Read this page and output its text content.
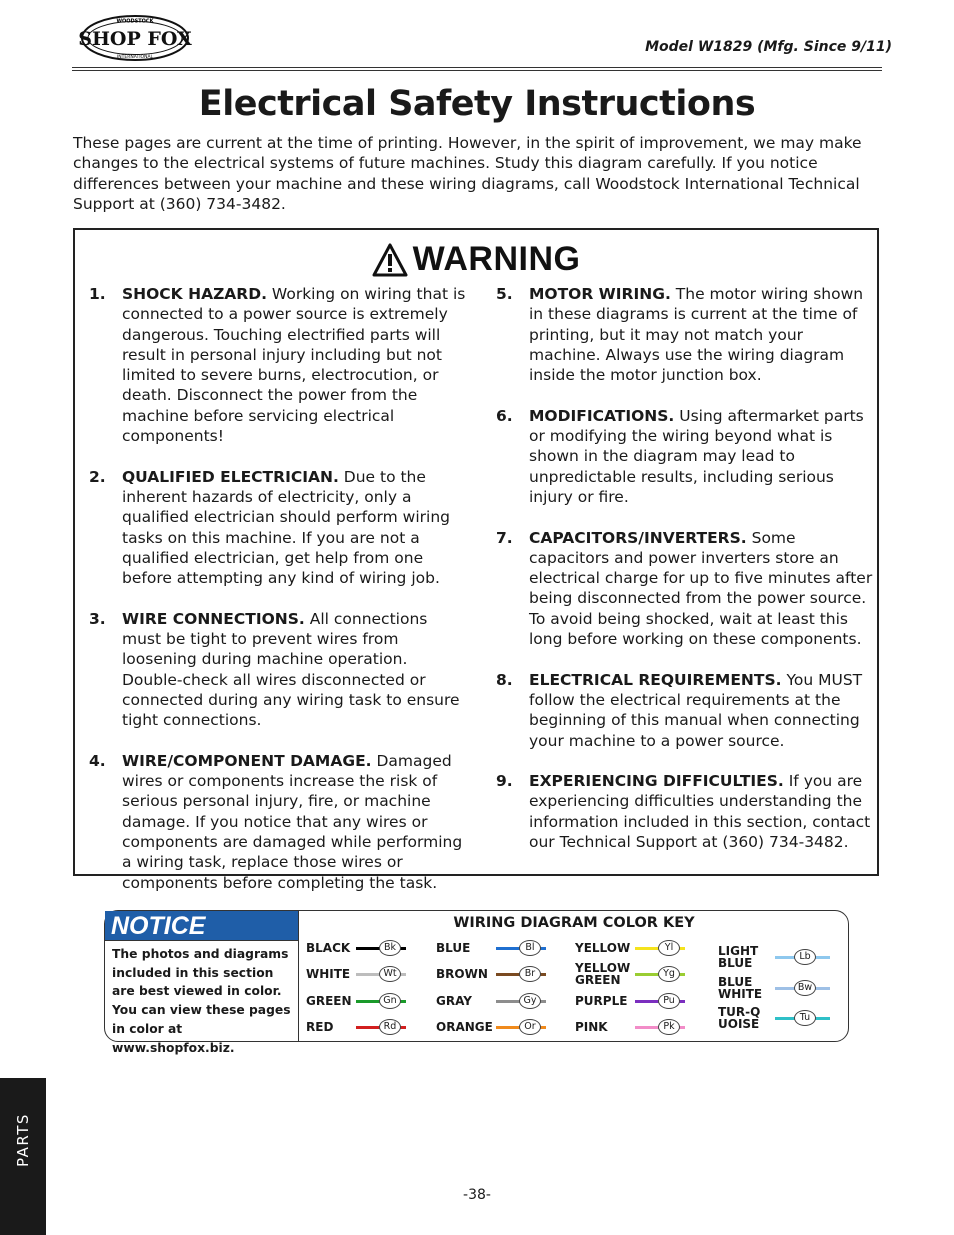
WOODSTOCK
INTERNATIONAL
SHOP FOX	Model W1829 (Mfg. Since 9/11)
Electrical Safety Instructions

These pages are current at the time of printing. However, in the spirit of improvement, we may make changes to the electrical systems of future machines. Study this diagram carefully. If you notice differences between your machine and these wiring diagrams, call Woodstock International Technical Support at (360) 734-3482.

WARNING
1.	SHOCK HAZARD. Working on wiring that is connected to a power source is extremely dangerous. Touching electrified parts will result in personal injury including but not limited to severe burns, electrocution, or death. Disconnect the power from the machine before servicing electrical components!
2.	QUALIFIED ELECTRICIAN. Due to the inherent hazards of electricity, only a qualified electrician should perform wiring tasks on this machine. If you are not a qualified electrician, get help from one before attempting any kind of wiring job.
3.	WIRE CONNECTIONS. All connections must be tight to prevent wires from loosening during machine operation. Double-check all wires disconnected or connected during any wiring task to ensure tight connections.
4.	WIRE/COMPONENT DAMAGE. Damaged wires or components increase the risk of serious personal injury, fire, or machine damage. If you notice that any wires or components are damaged while performing a wiring task, replace those wires or components before completing the task.
5.	MOTOR WIRING. The motor wiring shown in these diagrams is current at the time of printing, but it may not match your machine. Always use the wiring diagram inside the motor junction box.
6.	MODIFICATIONS. Using aftermarket parts or modifying the wiring beyond what is shown in the diagram may lead to unpredictable results, including serious injury or fire.
7.	CAPACITORS/INVERTERS. Some capacitors and power inverters store an electrical charge for up to five minutes after being disconnected from the power source. To avoid being shocked, wait at least this long before working on these components.
8.	ELECTRICAL REQUIREMENTS. You MUST follow the electrical requirements at the beginning of this manual when connecting your machine to a power source.
9.	EXPERIENCING DIFFICULTIES. If you are experiencing difficulties understanding the information included in this section, contact our Technical Support at (360) 734-3482.
NOTICE
The photos and diagrams included in this section are best viewed in color. You can view these pages in color at www.shopfox.biz.
WIRING DIAGRAM COLOR KEY
BLACK	Bk
WHITE	Wt
GREEN	Gn
RED	Rd
BLUE	Bl
BROWN	Br
GRAY	Gy
ORANGE	Or
YELLOW	Yl
YELLOW GREEN	Yg
PURPLE	Pu
PINK	Pk
LIGHT BLUE	Lb
BLUE WHITE	Bw
TUR-QUOISE	Tu
PARTS
-38-
